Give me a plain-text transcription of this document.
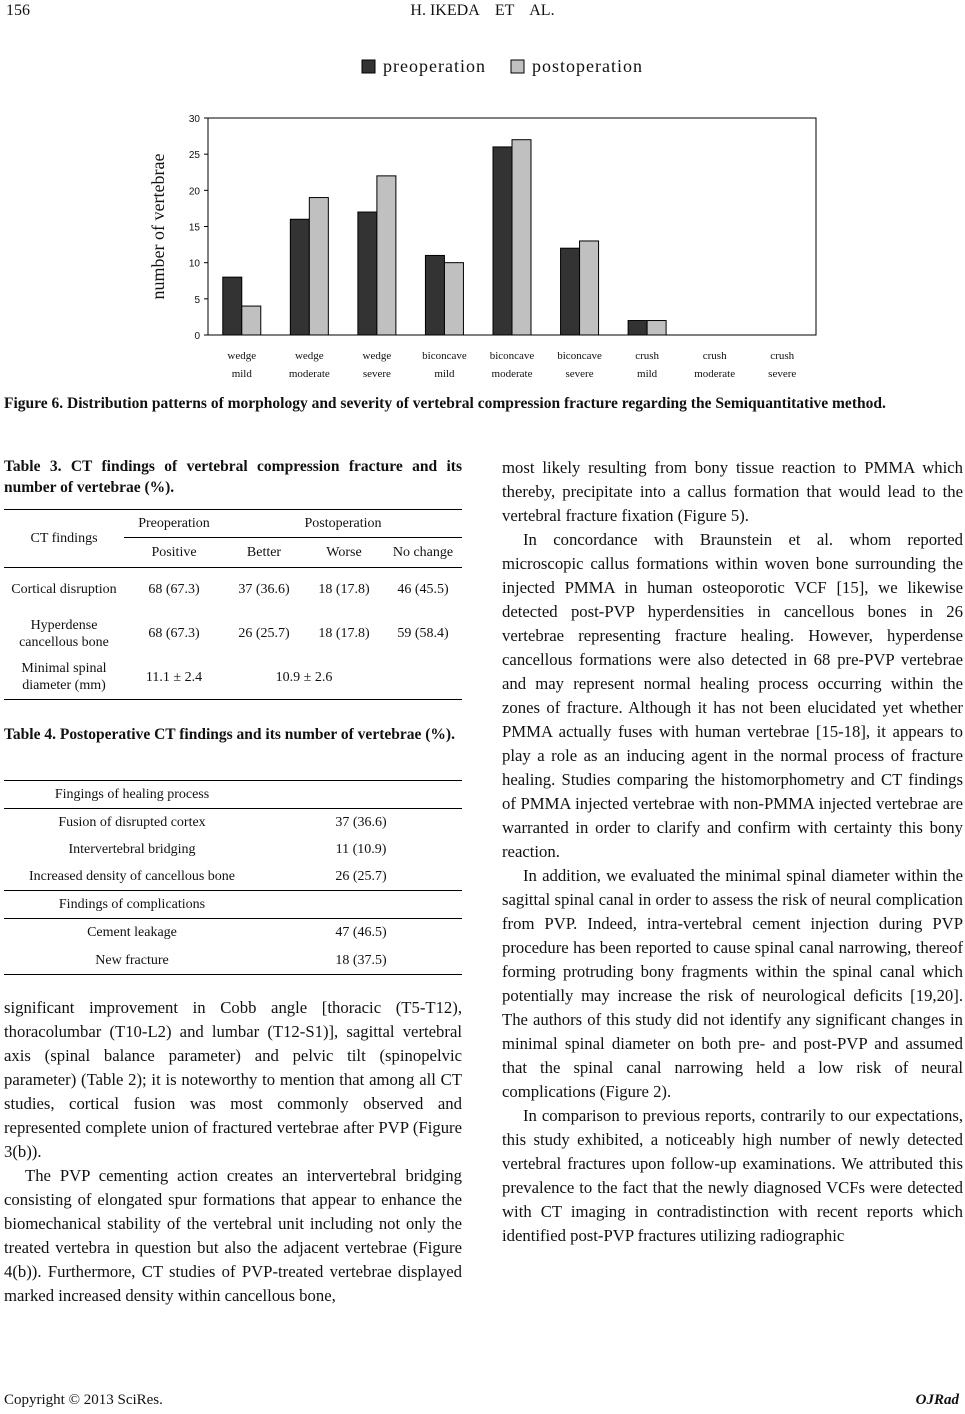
156	H. IKEDA    ET    AL.
preoperation	postoperation
0
5
10
15
20
25
30
number of vertebrae
wedge
mild
wedge
moderate
wedge
severe
biconcave
mild
biconcave
moderate
biconcave
severe
crush
mild
crush
moderate
crush
severe
Figure 6. Distribution patterns of morphology and severity of vertebral compression fracture regarding the Semiquantitative method.
Table 3. CT findings of vertebral compression fracture and its number of vertebrae (%).
CT findings	Preoperation	Postoperation		
	Positive	Better	Worse	No change
Cortical disruption	68 (67.3)	37 (36.6)	18 (17.8)	46 (45.5)
Hyperdense cancellous bone	68 (67.3)	26 (25.7)	18 (17.8)	59 (58.4)
Minimal spinal diameter (mm)	11.1 ± 2.4	10.9 ± 2.6		
Table 4. Postoperative CT findings and its number of vertebrae (%).
Fingings of healing process	
Fusion of disrupted cortex	37 (36.6)
Intervertebral bridging	11 (10.9)
Increased density of cancellous bone	26 (25.7)
Findings of complications	
Cement leakage	47 (46.5)
New fracture	18 (37.5)

significant improvement in Cobb angle [thoracic (T5-T12), thoracolumbar (T10-L2) and lumbar (T12-S1)], sagittal vertebral axis (spinal balance parameter) and pelvic tilt (spinopelvic parameter) (Table 2); it is noteworthy to mention that among all CT studies, cortical fusion was most commonly observed and represented complete union of fractured vertebrae after PVP (Figure 3(b)).

The PVP cementing action creates an intervertebral bridging consisting of elongated spur formations that appear to enhance the biomechanical stability of the vertebral unit including not only the treated vertebra in question but also the adjacent vertebrae (Figure 4(b)). Furthermore, CT studies of PVP-treated vertebrae displayed marked increased density within cancellous bone,

most likely resulting from bony tissue reaction to PMMA which thereby, precipitate into a callus formation that would lead to the vertebral fracture fixation (Figure 5).

In concordance with Braunstein et al. whom reported microscopic callus formations within woven bone surrounding the injected PMMA in human osteoporotic VCF [15], we likewise detected post-PVP hyperdensities in cancellous bones in 26 vertebrae representing fracture healing. However, hyperdense cancellous formations were also detected in 68 pre-PVP vertebrae and may represent normal healing process occurring within the zones of fracture. Although it has not been elucidated yet whether PMMA actually fuses with human vertebrae [15-18], it appears to play a role as an inducing agent in the normal process of fracture healing. Studies comparing the histomorphometry and CT findings of PMMA injected vertebrae with non-PMMA injected vertebrae are warranted in order to clarify and confirm with certainty this bony reaction.

In addition, we evaluated the minimal spinal diameter within the sagittal spinal canal in order to assess the risk of neural complication from PVP. Indeed, intra-vertebral cement injection during PVP procedure has been reported to cause spinal canal narrowing, thereof forming protruding bony fragments within the spinal canal which potentially may increase the risk of neurological deficits [19,20]. The authors of this study did not identify any significant changes in minimal spinal diameter on both pre- and post-PVP and assumed that the spinal canal narrowing held a low risk of neural complications (Figure 2).

In comparison to previous reports, contrarily to our expectations, this study exhibited, a noticeably high number of newly detected vertebral fractures upon follow-up examinations. We attributed this prevalence to the fact that the newly diagnosed VCFs were detected with CT imaging in contradistinction with recent reports which identified post-PVP fractures utilizing radiographic

Copyright © 2013 SciRes.	OJRad
